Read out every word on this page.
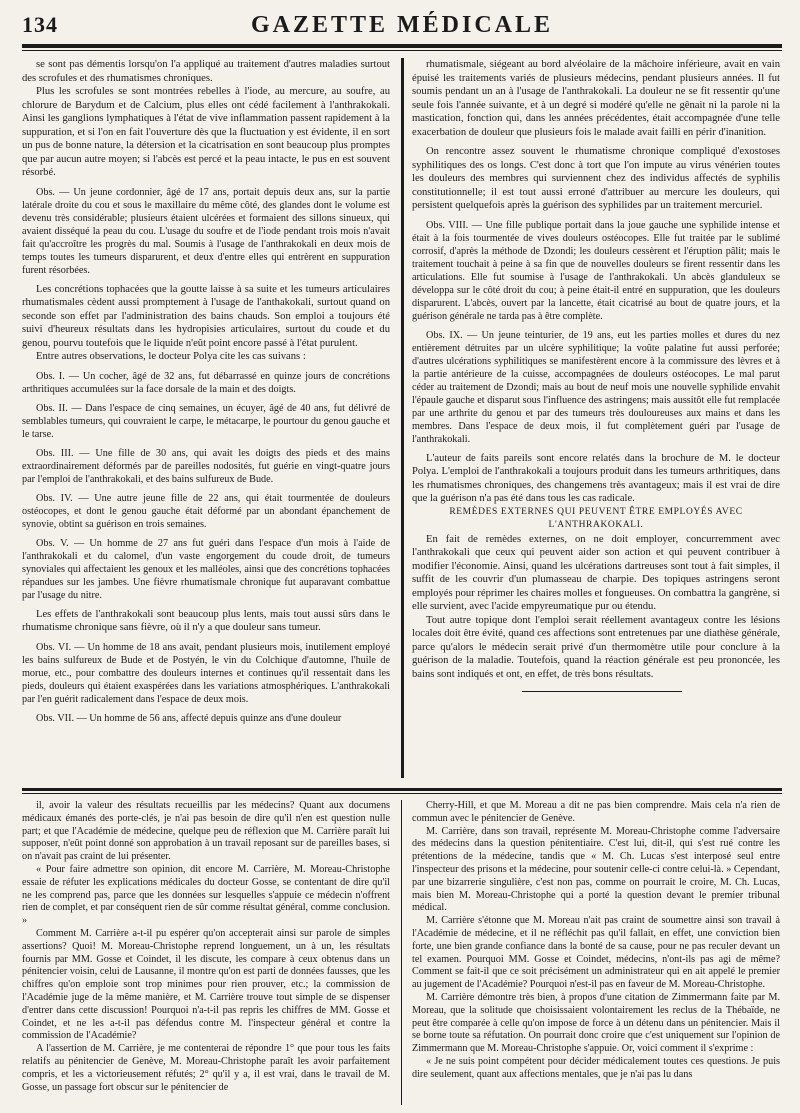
134	GAZETTE MÉDICALE

se sont pas démentis lorsqu'on l'a appliqué au traitement d'autres maladies surtout des scrofules et des rhumatismes chroniques.

Plus les scrofules se sont montrées rebelles à l'iode, au mercure, au soufre, au chlorure de Barydum et de Calcium, plus elles ont cédé facilement à l'anthrakokali. Ainsi les ganglions lymphatiques à l'état de vive inflammation passent rapidement à la suppuration, et si l'on en fait l'ouverture dès que la fluctuation y est évidente, il en sort un pus de bonne nature, la détersion et la cicatrisation en sont beaucoup plus promptes que par aucun autre moyen; si l'abcès est percé et la peau intacte, le pus en est souvent résorbé.

Obs. — Un jeune cordonnier, âgé de 17 ans, portait depuis deux ans, sur la partie latérale droite du cou et sous le maxillaire du même côté, des glandes dont le volume est devenu très considérable; plusieurs étaient ulcérées et formaient des sillons sinueux, qui avaient disséqué la peau du cou. L'usage du soufre et de l'iode pendant trois mois n'avait fait qu'accroître les progrès du mal. Soumis à l'usage de l'anthrakokali en deux mois de temps toutes les tumeurs disparurent, et deux d'entre elles qui entrèrent en suppuration furent résorbées.

Les concrétions tophacées que la goutte laisse à sa suite et les tumeurs articulaires rhumatismales cèdent aussi promptement à l'usage de l'anthakokali, surtout quand on seconde son effet par l'administration des bains chauds. Son emploi a toujours été suivi d'heureux résultats dans les hydropisies articulaires, surtout du coude et du genou, pourvu toutefois que le liquide n'eût point encore passé à l'état purulent.

Entre autres observations, le docteur Polya cite les cas suivans :

Obs. I. — Un cocher, âgé de 32 ans, fut débarrassé en quinze jours de concrétions arthritiques accumulées sur la face dorsale de la main et des doigts.

Obs. II. — Dans l'espace de cinq semaines, un écuyer, âgé de 40 ans, fut délivré de semblables tumeurs, qui couvraient le carpe, le métacarpe, le pourtour du genou gauche et le tarse.

Obs. III. — Une fille de 30 ans, qui avait les doigts des pieds et des mains extraordinairement déformés par de pareilles nodosités, fut guérie en vingt-quatre jours par l'emploi de l'anthrakokali, et des bains sulfureux de Bude.

Obs. IV. — Une autre jeune fille de 22 ans, qui était tourmentée de douleurs ostéocopes, et dont le genou gauche était déformé par un abondant épanchement de synovie, obtint sa guérison en trois semaines.

Obs. V. — Un homme de 27 ans fut guéri dans l'espace d'un mois à l'aide de l'anthrakokali et du calomel, d'un vaste engorgement du coude droit, de tumeurs synoviales qui affectaient les genoux et les malléoles, ainsi que des concrétions tophacées répandues sur les jambes. Une fièvre rhumatismale chronique fut auparavant combattue par l'usage du nitre.

Les effets de l'anthrakokali sont beaucoup plus lents, mais tout aussi sûrs dans le rhumatisme chronique sans fièvre, où il n'y a que douleur sans tumeur.

Obs. VI. — Un homme de 18 ans avait, pendant plusieurs mois, inutilement employé les bains sulfureux de Bude et de Postyén, le vin du Colchique d'automne, l'huile de morue, etc., pour combattre des douleurs internes et continues qu'il ressentait dans les pieds, douleurs qui étaient exaspérées dans les variations atmosphériques. L'anthrakokali par l'en guérit radicalement dans l'espace de deux mois.

Obs. VII. — Un homme de 56 ans, affecté depuis quinze ans d'une douleur

rhumatismale, siégeant au bord alvéolaire de la mâchoire inférieure, avait en vain épuisé les traitements variés de plusieurs médecins, pendant plusieurs années. Il fut soumis pendant un an à l'usage de l'anthrakokali. La douleur ne se fit ressentir qu'une seule fois l'année suivante, et à un degré si modéré qu'elle ne gênait ni la parole ni la mastication, fonction qui, dans les années précédentes, était accompagnée d'une telle exacerbation de douleur que plusieurs fois le malade avait failli en périr d'inanition.

On rencontre assez souvent le rhumatisme chronique compliqué d'exostoses syphilitiques des os longs. C'est donc à tort que l'on impute au virus vénérien toutes les douleurs des membres qui surviennent chez des individus affectés de syphilis constitutionnelle; il est tout aussi erroné d'attribuer au mercure les douleurs, qui persistent quelquefois après la guérison des syphilides par un traitement mercuriel.

Obs. VIII. — Une fille publique portait dans la joue gauche une syphilide intense et était à la fois tourmentée de vives douleurs ostéocopes. Elle fut traitée par le sublimé corrosif, d'après la méthode de Dzondi; les douleurs cessèrent et l'éruption pâlit; mais le traitement touchait à peine à sa fin que de nouvelles douleurs se firent ressentir dans les articulations. Elle fut soumise à l'usage de l'anthrakokali. Un abcès glanduleux se développa sur le côté droit du cou; à peine était-il entré en suppuration, que les douleurs disparurent. L'abcès, ouvert par la lancette, était cicatrisé au bout de quatre jours, et la guérison générale ne tarda pas à être complète.

Obs. IX. — Un jeune teinturier, de 19 ans, eut les parties molles et dures du nez entièrement détruites par un ulcère syphilitique; la voûte palatine fut aussi perforée; d'autres ulcérations syphilitiques se manifestèrent encore à la commissure des lèvres et à la partie antérieure de la cuisse, accompagnées de douleurs ostéocopes. Le mal parut céder au traitement de Dzondi; mais au bout de neuf mois une nouvelle syphilide envahit l'épaule gauche et disparut sous l'influence des astringens; mais aussitôt elle fut remplacée par une arthrite du genou et par des tumeurs très douloureuses aux mains et dans les membres. Dans l'espace de deux mois, il fut complètement guéri par l'usage de l'anthrakokali.

L'auteur de faits pareils sont encore relatés dans la brochure de M. le docteur Polya. L'emploi de l'anthrakokali a toujours produit dans les tumeurs arthritiques, dans les rhumatismes chroniques, des changemens très avantageux; mais il est vrai de dire que la guérison n'a pas été dans tous les cas radicale.

REMÈDES EXTERNES QUI PEUVENT ÊTRE EMPLOYÉS AVEC L'ANTHRAKOKALI.

En fait de remèdes externes, on ne doit employer, concurremment avec l'anthrakokali que ceux qui peuvent aider son action et qui peuvent contribuer à modifier l'économie. Ainsi, quand les ulcérations dartreuses sont tout à fait simples, il suffit de les couvrir d'un plumasseau de charpie. Des topiques astringens seront employés pour réprimer les chaires molles et fongueuses. On combattra la gangrène, si elle survient, avec l'acide empyreumatique pur ou étendu.

Tout autre topique dont l'emploi serait réellement avantageux contre les lésions locales doit être évité, quand ces affections sont entretenues par une diathèse générale, parce qu'alors le médecin serait privé d'un thermomètre utile pour conclure à la guérison de la maladie. Toutefois, quand la réaction générale est peu prononcée, les bains sont indiqués et ont, en effet, de très bons résultats.

il, avoir la valeur des résultats recueillis par les médecins? Quant aux documens médicaux émanés des porte-clés, je n'ai pas besoin de dire qu'il n'en est question nulle part; et que l'Académie de médecine, quelque peu de réflexion que M. Carrière paraît lui supposer, n'eût point donné son approbation à un travail reposant sur de pareilles bases, si on n'avait pas craint de lui présenter.

« Pour faire admettre son opinion, dit encore M. Carrière, M. Moreau-Christophe essaie de réfuter les explications médicales du docteur Gosse, se contentant de dire qu'il ne les comprend pas, parce que les données sur lesquelles s'appuie ce médecin n'offrent rien de complet, et par conséquent rien de sûr comme résultat général, comme conclusion. »

Comment M. Carrière a-t-il pu espérer qu'on accepterait ainsi sur parole de simples assertions? Quoi! M. Moreau-Christophe reprend longuement, un à un, les résultats fournis par MM. Gosse et Coindet, il les discute, les compare à ceux obtenus dans un pénitencier voisin, celui de Lausanne, il montre qu'on est parti de données fausses, que les chiffres qu'on emploie sont trop minimes pour rien prouver, etc.; la commission de l'Académie juge de la même manière, et M. Carrière trouve tout simple de se dispenser d'entrer dans cette discussion! Pourquoi n'a-t-il pas repris les chiffres de MM. Gosse et Coindet, et ne les a-t-il pas défendus contre M. l'inspecteur général et contre la commission de l'Académie?

A l'assertion de M. Carrière, je me contenterai de répondre 1° que pour tous les faits relatifs au pénitencier de Genève, M. Moreau-Christophe paraît les avoir parfaitement compris, et les a victorieusement réfutés; 2° qu'il y a, il est vrai, dans le travail de M. Gosse, un passage fort obscur sur le pénitencier de

Cherry-Hill, et que M. Moreau a dit ne pas bien comprendre. Mais cela n'a rien de commun avec le pénitencier de Genève.

M. Carrière, dans son travail, représente M. Moreau-Christophe comme l'adversaire des médecins dans la question pénitentiaire. C'est lui, dit-il, qui s'est rué contre les prétentions de la médecine, tandis que « M. Ch. Lucas s'est interposé seul entre l'inspecteur des prisons et la médecine, pour soutenir celle-ci contre celui-là. » Cependant, par une bizarrerie singulière, c'est non pas, comme on pourrait le croire, M. Ch. Lucas, mais bien M. Moreau-Christophe qui a porté la question devant le premier tribunal médical.

M. Carrière s'étonne que M. Moreau n'ait pas craint de soumettre ainsi son travail à l'Académie de médecine, et il ne réfléchit pas qu'il fallait, en effet, une conviction bien forte, une bien grande confiance dans la bonté de sa cause, pour ne pas reculer devant un tel examen. Pourquoi MM. Gosse et Coindet, médecins, n'ont-ils pas agi de même? Comment se fait-il que ce soit précisément un administrateur qui en ait appelé le premier au jugement de l'Académie? Pourquoi n'est-il pas en faveur de M. Moreau-Christophe.

M. Carrière démontre très bien, à propos d'une citation de Zimmermann faite par M. Moreau, que la solitude que choisissaient volontairement les reclus de la Thébaïde, ne peut être comparée à celle qu'on impose de force à un détenu dans un pénitencier. Mais il se borne toute sa réfutation. On pourrait donc croire que c'est uniquement sur l'opinion de Zimmermann que M. Moreau-Christophe s'appuie. Or, voici comment il s'exprime :

« Je ne suis point compétent pour décider médicalement toutes ces questions. Je puis dire seulement, quant aux affections mentales, que je n'ai pas lu dans
